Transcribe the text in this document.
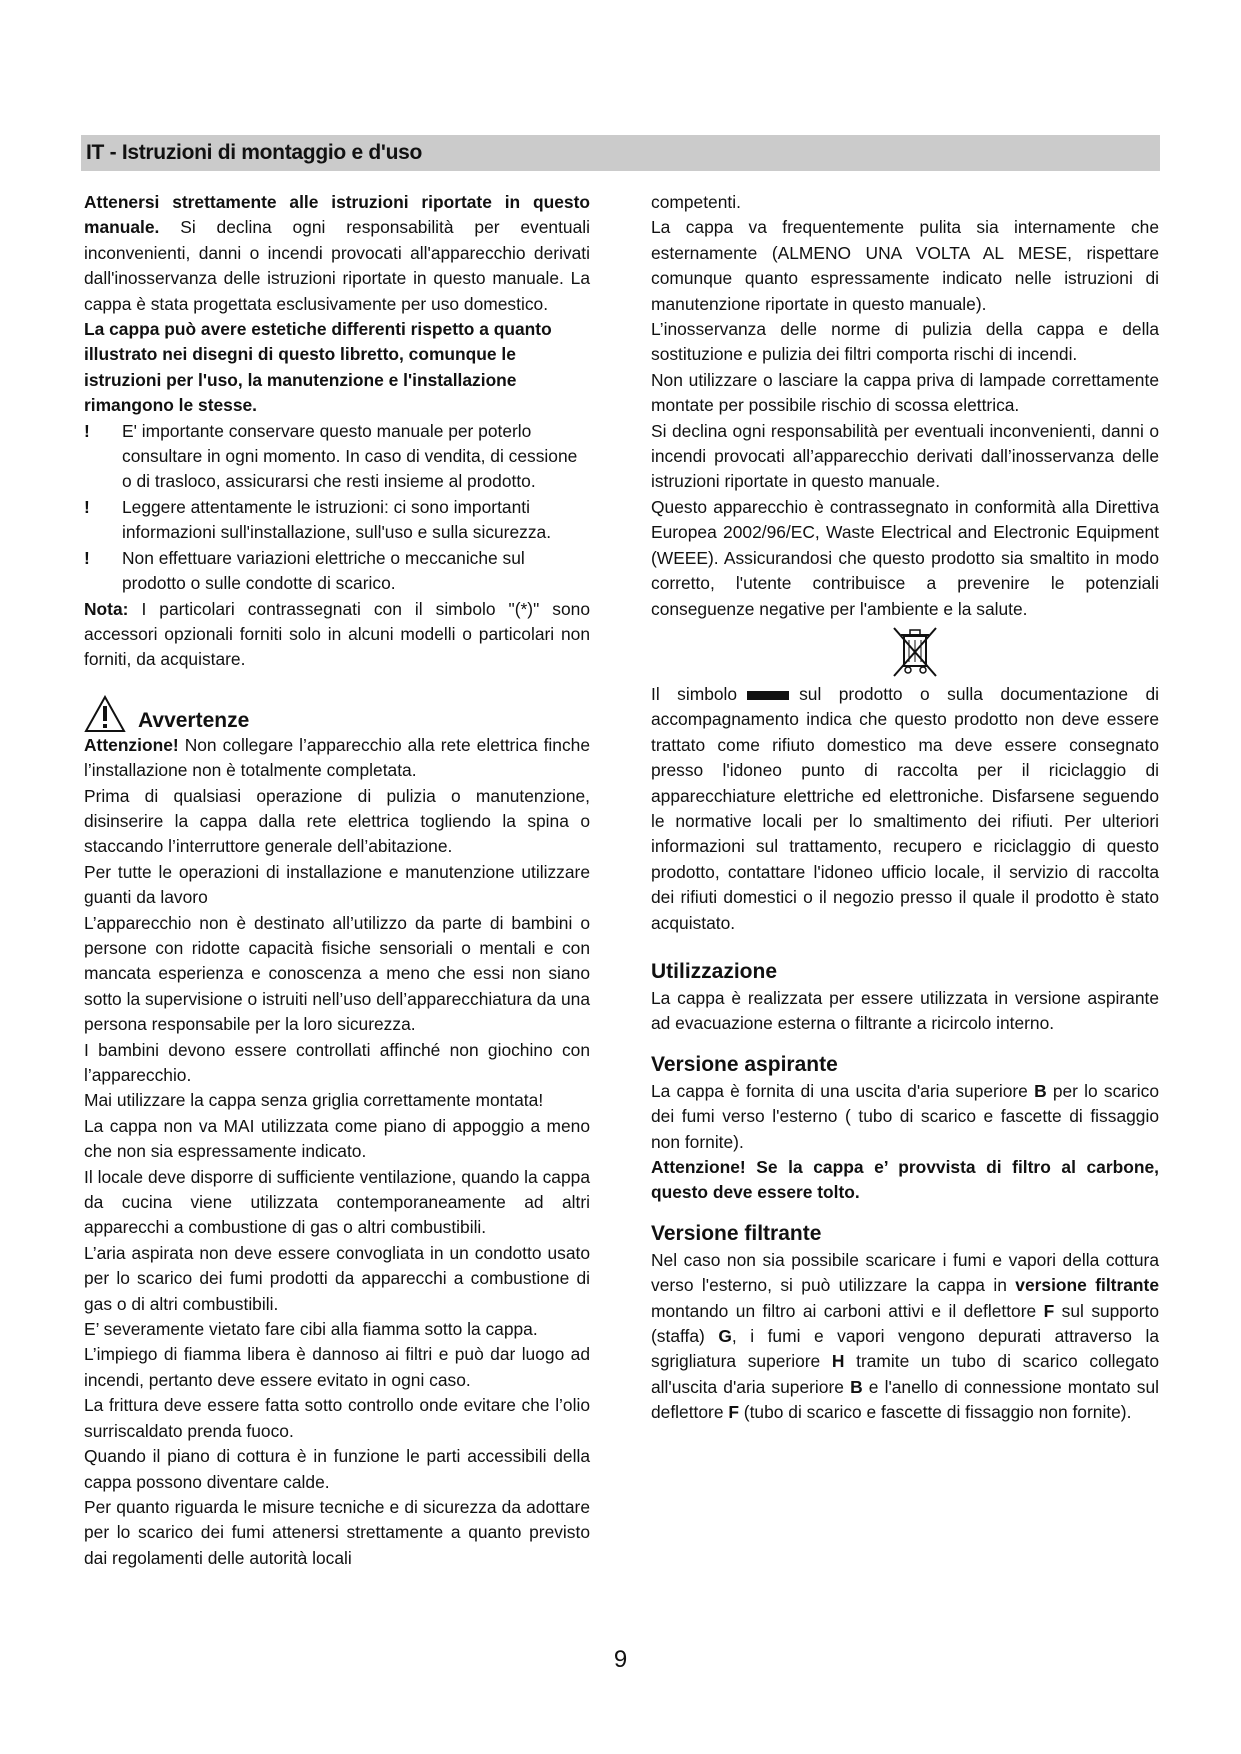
IT - Istruzioni di montaggio e d'uso

Attenersi strettamente alle istruzioni riportate in questo manuale. Si declina ogni responsabilità per eventuali inconvenienti, danni o incendi provocati all'apparecchio derivati dall'inosservanza delle istruzioni riportate in questo manuale. La cappa è stata progettata esclusivamente per uso domestico.

La cappa può avere estetiche differenti rispetto a quanto illustrato nei disegni di questo libretto, comunque le istruzioni per l'uso, la manutenzione e l'installazione rimangono le stesse.

! E' importante conservare questo manuale per poterlo consultare in ogni momento. In caso di vendita, di cessione o di trasloco, assicurarsi che resti insieme al prodotto.

! Leggere attentamente le istruzioni: ci sono importanti informazioni sull'installazione, sull'uso e sulla sicurezza.

! Non effettuare variazioni elettriche o meccaniche sul prodotto o sulle condotte di scarico.

Nota: I particolari contrassegnati con il simbolo "(*)" sono accessori opzionali forniti solo in alcuni modelli o particolari non forniti, da acquistare.

Avvertenze

Attenzione! Non collegare l’apparecchio alla rete elettrica finche l’installazione non è totalmente completata.

Prima di qualsiasi operazione di pulizia o manutenzione, disinserire la cappa dalla rete elettrica togliendo la spina o staccando l’interruttore generale dell’abitazione.

Per tutte le operazioni di installazione e manutenzione utilizzare guanti da lavoro

L’apparecchio non è destinato all’utilizzo da parte di bambini o persone con ridotte capacità fisiche sensoriali o mentali e con mancata esperienza e conoscenza a meno che essi non siano sotto la supervisione o istruiti nell’uso dell’apparecchiatura da una persona responsabile per la loro sicurezza.

I bambini devono essere controllati affinché non giochino con l’apparecchio.

Mai utilizzare la cappa senza griglia correttamente montata!

La cappa non va MAI utilizzata come piano di appoggio a meno che non sia espressamente indicato.

Il locale deve disporre di sufficiente ventilazione, quando la cappa da cucina viene utilizzata contemporaneamente ad altri apparecchi a combustione di gas o altri combustibili.

L’aria aspirata non deve essere convogliata in un condotto usato per lo scarico dei fumi prodotti da apparecchi a combustione di gas o di altri combustibili.

E’ severamente vietato fare cibi alla fiamma sotto la cappa.

L’impiego di fiamma libera è dannoso ai filtri e può dar luogo ad incendi, pertanto deve essere evitato in ogni caso.

La frittura deve essere fatta sotto controllo onde evitare che l’olio surriscaldato prenda fuoco.

Quando il piano di cottura è in funzione le parti accessibili della cappa possono diventare calde.

Per quanto riguarda le misure tecniche e di sicurezza da adottare per lo scarico dei fumi attenersi strettamente a quanto previsto dai regolamenti delle autorità locali

competenti.

La cappa va frequentemente pulita sia internamente che esternamente (ALMENO UNA VOLTA AL MESE, rispettare comunque quanto espressamente indicato nelle istruzioni di manutenzione riportate in questo manuale).

L’inosservanza delle norme di pulizia della cappa e della sostituzione e pulizia dei filtri comporta rischi di incendi.

Non utilizzare o lasciare la cappa priva di lampade correttamente montate per possibile rischio di scossa elettrica.

Si declina ogni responsabilità per eventuali inconvenienti, danni o incendi provocati all’apparecchio derivati dall’inosservanza delle istruzioni riportate in questo manuale.

Questo apparecchio è contrassegnato in conformità alla Direttiva Europea 2002/96/EC, Waste Electrical and Electronic Equipment (WEEE). Assicurandosi che questo prodotto sia smaltito in modo corretto, l'utente contribuisce a prevenire le potenziali conseguenze negative per l'ambiente e la salute.

Il simbolo	sul prodotto o sulla documentazione di accompagnamento indica che questo prodotto non deve essere trattato come rifiuto domestico ma deve essere consegnato presso l'idoneo punto di raccolta per il riciclaggio di apparecchiature elettriche ed elettroniche. Disfarsene seguendo le normative locali per lo smaltimento dei rifiuti. Per ulteriori informazioni sul trattamento, recupero e riciclaggio di questo prodotto, contattare l'idoneo ufficio locale, il servizio di raccolta dei rifiuti domestici o il negozio presso il quale il prodotto è stato acquistato.

Utilizzazione

La cappa è realizzata per essere utilizzata in versione aspirante ad evacuazione esterna o filtrante a ricircolo interno.

Versione aspirante

La cappa è fornita di una uscita d'aria superiore B per lo scarico dei fumi verso l'esterno ( tubo di scarico e fascette di fissaggio non fornite).

Attenzione! Se la cappa e’ provvista di filtro al carbone, questo deve essere tolto.

Versione filtrante

Nel caso non sia possibile scaricare i fumi e vapori della cottura verso l'esterno, si può utilizzare la cappa in versione filtrante montando un filtro ai carboni attivi e il deflettore F sul supporto (staffa) G, i fumi e vapori vengono depurati attraverso la sgrigliatura superiore H tramite un tubo di scarico collegato all'uscita d'aria superiore B e l'anello di connessione montato sul deflettore F (tubo di scarico e fascette di fissaggio non fornite).

9
